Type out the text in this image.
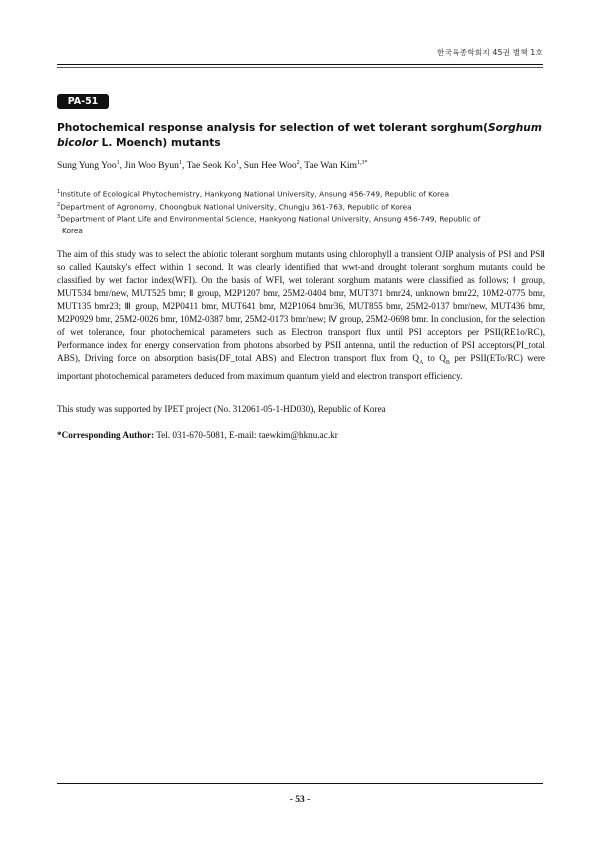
한국육종학회지 45권 별책 1호
PA-51
Photochemical response analysis for selection of wet tolerant sorghum(Sorghum
bicolor L. Moench) mutants
Sung Yung Yoo$^1$, Jin Woo Byun$^1$, Tae Seok Ko$^1$, Sun Hee Woo$^2$, Tae Wan Kim$^{1,3*}$
$^1$Institute of Ecological Phytochemistry, Hankyong National University, Ansung 456-749, Republic of Korea
$^2$Department of Agronomy, Choongbuk National University, Chungju 361-763, Republic of Korea
$^3$Department of Plant Life and Environmental Science, Hankyong National University, Ansung 456-749, Republic of
Korea
The aim of this study was to select the abiotic tolerant sorghum mutants using chlorophyll a transient OJIP analysis of PSⅠ and PSⅡ so called Kautsky's effect within 1 second. It was clearly identified that wwt-and drought tolerant sorghum mutants could be classified by wet factor index(WFI). On the basis of WFI, wet tolerant sorghum matants were classified as follows; Ⅰ group, MUT534 bmr/new, MUT525 bmr; Ⅱ group, M2P1207 bmr, 25M2-0404 bmr, MUT371 bmr24, unknown bmr22, 10M2-0775 bmr, MUT135 bmr23; Ⅲ group, M2P0411 bmr, MUT641 bmr, M2P1064 bmr36, MUT855 bmr, 25M2-0137 bmr/new, MUT436 bmr, M2P0929 bmr, 25M2-0026 bmr, 10M2-0387 bmr, 25M2-0173 bmr/new; Ⅳ group, 25M2-0698 bmr. In conclusion, for the selection of wet tolerance, four photochemical parameters such as Electron transport flux until PSI acceptors per PSII(RE1o/RC), Performance index for energy conservation from photons absorbed by PSII antenna, until the reduction of PSI acceptors(PI_total ABS), Driving force on absorption basis(DF_total ABS) and Electron transport flux from $Q_A$ to $Q_B$ per PSII(ETo/RC) were important photochemical parameters deduced from maximum quantum yield and electron transport efficiency.
This study was supported by IPET project (No. 312061-05-1-HD030), Republic of Korea
*Corresponding Author: Tel. 031-670-5081, E-mail: taewkim@hknu.ac.kr
- 53 -
